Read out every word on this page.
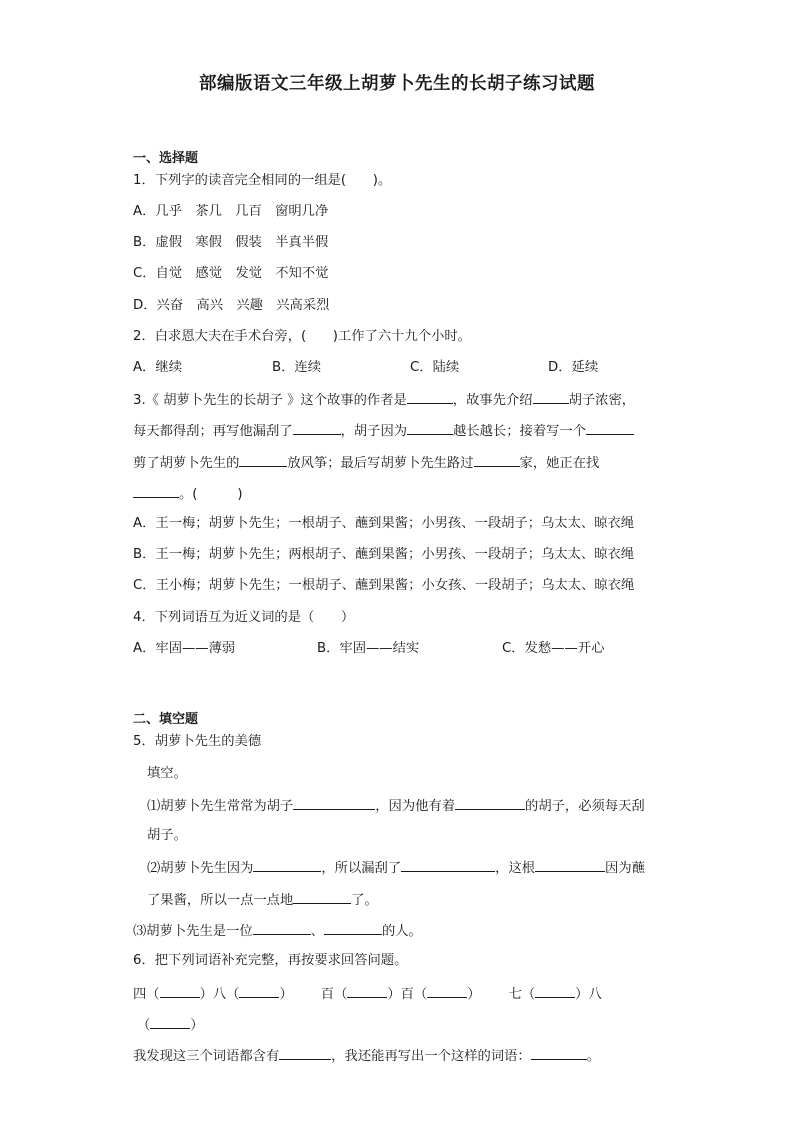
部编版语文三年级上胡萝卜先生的长胡子练习试题
一、选择题
1．下列字的读音完全相同的一组是(　　)。
A．几乎　茶几　几百　窗明几净
B．虚假　寒假　假装　半真半假
C．自觉　感觉　发觉　不知不觉
D．兴奋　高兴　兴趣　兴高采烈
2．白求恩大夫在手术台旁，(　　)工作了六十九个小时。
A．继续	B．连续	C．陆续	D．延续
3.《 胡萝卜先生的长胡子 》这个故事的作者是	，故事先介绍	胡子浓密，
每天都得刮；再写他漏刮了	，胡子因为	越长越长；接着写一个
剪了胡萝卜先生的	放风筝；最后写胡萝卜先生路过	家，她正在找
。(　　　)
A．王一梅；胡萝卜先生；一根胡子、蘸到果酱；小男孩、一段胡子；乌太太、晾衣绳
B．王一梅；胡萝卜先生；两根胡子、蘸到果酱；小男孩、一段胡子；乌太太、晾衣绳
C．王小梅；胡萝卜先生；一根胡子、蘸到果酱；小女孩、一段胡子；乌太太、晾衣绳
4．下列词语互为近义词的是（　　）
A．牢固——薄弱	B．牢固——结实	C．发愁——开心
二、填空题
5．胡萝卜先生的美德
填空。
⑴胡萝卜先生常常为胡子	，因为他有着	的胡子，必须每天刮
胡子。
⑵胡萝卜先生因为	，所以漏刮了	，这根	因为蘸
了果酱，所以一点一点地	了。
⑶胡萝卜先生是一位	、	的人。
6．把下列词语补充完整，再按要求回答问题。
四（	）八（	） 百（	）百（	） 七（	）八
（	）
我发现这三个词语都含有	，我还能再写出一个这样的词语：	。
